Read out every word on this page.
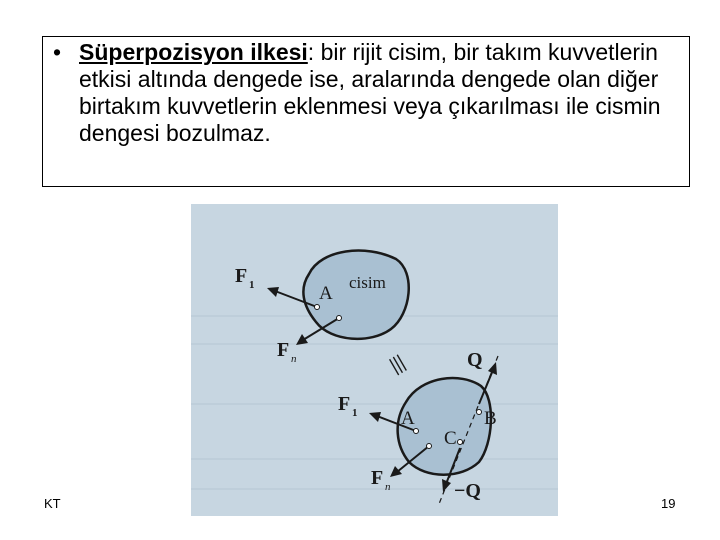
• Süperpozisyon ilkesi: bir rijit cisim, bir takım kuvvetlerin etkisi altında dengede ise, aralarında dengede olan diğer birtakım kuvvetlerin eklenmesi veya çıkarılması ile cismin dengesi bozulmaz.
F 1	A
cisim
F n	|||
F 1 A	B
C
F n
Q
−Q
KT	19
